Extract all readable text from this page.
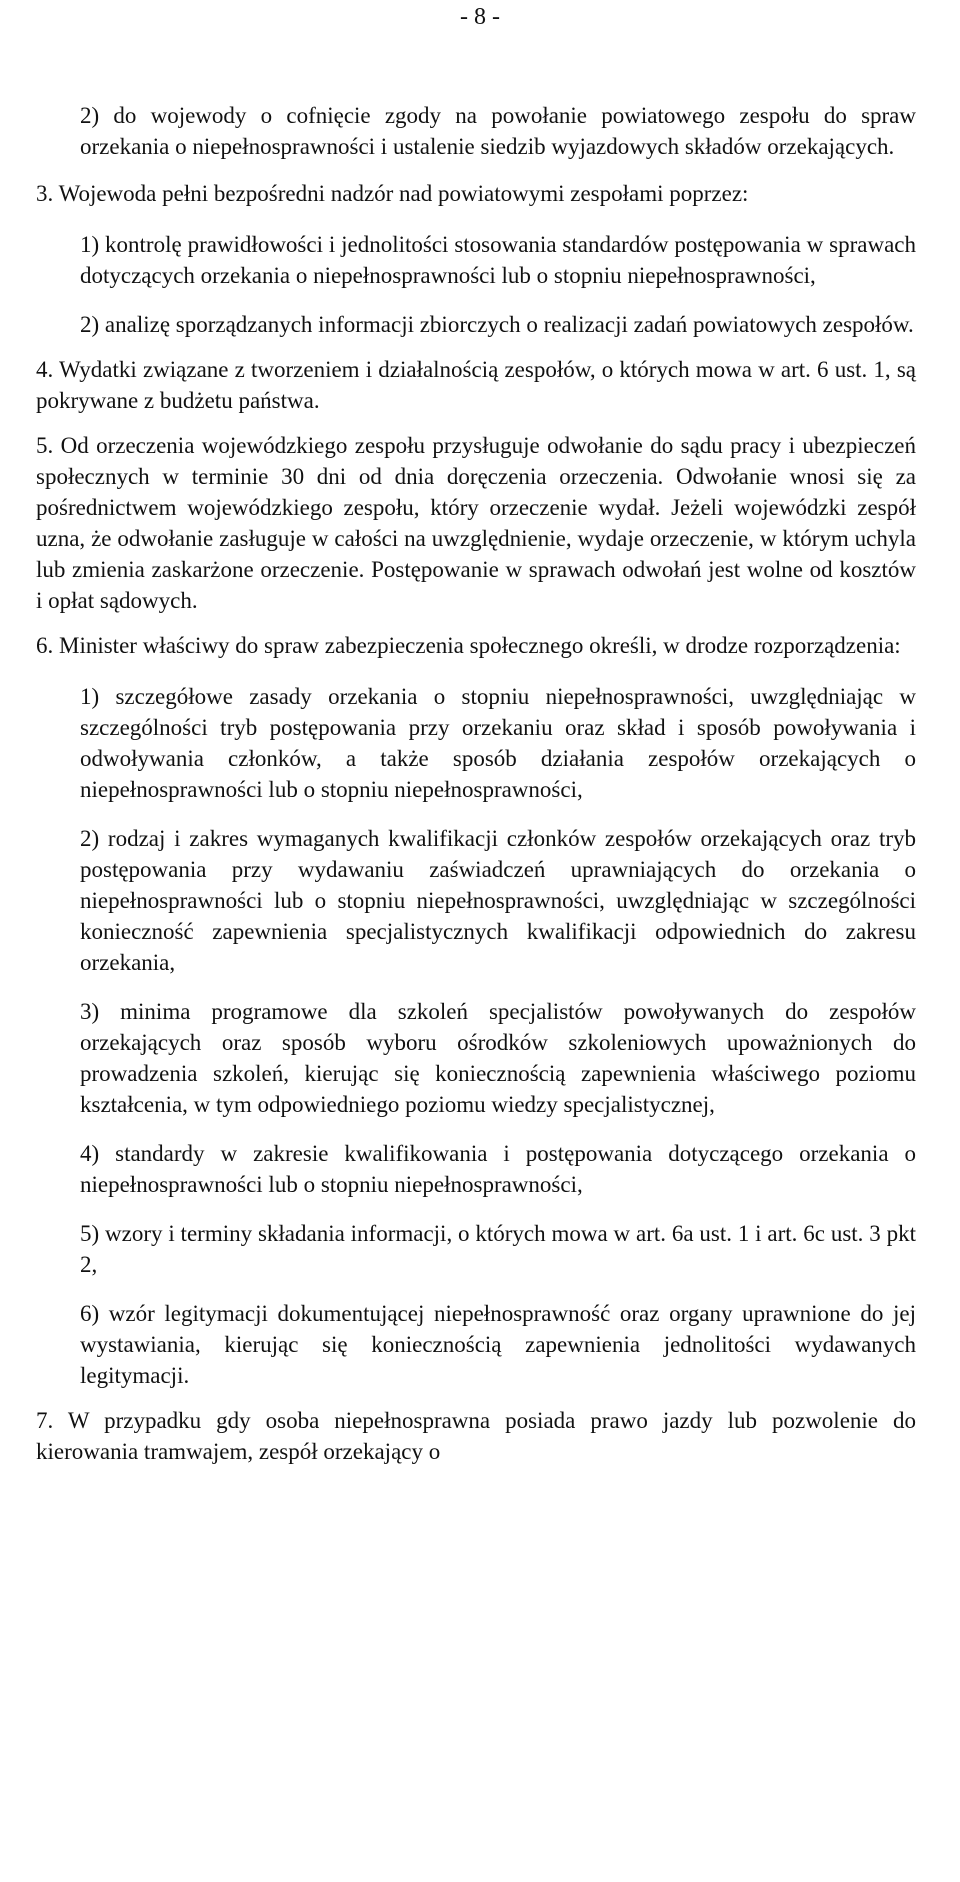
- 8 -

2) do wojewody o cofnięcie zgody na powołanie powiatowego zespołu do spraw orzekania o niepełnosprawności i ustalenie siedzib wyjazdowych składów orzekających.

3. Wojewoda pełni bezpośredni nadzór nad powiatowymi zespołami poprzez:

1) kontrolę prawidłowości i jednolitości stosowania standardów postępowania w sprawach dotyczących orzekania o niepełnosprawności lub o stopniu niepełnosprawności,

2) analizę sporządzanych informacji zbiorczych o realizacji zadań powiatowych zespołów.

4. Wydatki związane z tworzeniem i działalnością zespołów, o których mowa w art. 6 ust. 1, są pokrywane z budżetu państwa.

5. Od orzeczenia wojewódzkiego zespołu przysługuje odwołanie do sądu pracy i ubezpieczeń społecznych w terminie 30 dni od dnia doręczenia orzeczenia. Odwołanie wnosi się za pośrednictwem wojewódzkiego zespołu, który orzeczenie wydał. Jeżeli wojewódzki zespół uzna, że odwołanie zasługuje w całości na uwzględnienie, wydaje orzeczenie, w którym uchyla lub zmienia zaskarżone orzeczenie. Postępowanie w sprawach odwołań jest wolne od kosztów i opłat sądowych.

6. Minister właściwy do spraw zabezpieczenia społecznego określi, w drodze rozporządzenia:

1) szczegółowe zasady orzekania o stopniu niepełnosprawności, uwzględniając w szczególności tryb postępowania przy orzekaniu oraz skład i sposób powoływania i odwoływania członków, a także sposób działania zespołów orzekających o niepełnosprawności lub o stopniu niepełnosprawności,

2) rodzaj i zakres wymaganych kwalifikacji członków zespołów orzekających oraz tryb postępowania przy wydawaniu zaświadczeń uprawniających do orzekania o niepełnosprawności lub o stopniu niepełnosprawności, uwzględniając w szczególności konieczność zapewnienia specjalistycznych kwalifikacji odpowiednich do zakresu orzekania,

3) minima programowe dla szkoleń specjalistów powoływanych do zespołów orzekających oraz sposób wyboru ośrodków szkoleniowych upoważnionych do prowadzenia szkoleń, kierując się koniecznością zapewnienia właściwego poziomu kształcenia, w tym odpowiedniego poziomu wiedzy specjalistycznej,

4) standardy w zakresie kwalifikowania i postępowania dotyczącego orzekania o niepełnosprawności lub o stopniu niepełnosprawności,

5) wzory i terminy składania informacji, o których mowa w art. 6a ust. 1 i art. 6c ust. 3 pkt 2,

6) wzór legitymacji dokumentującej niepełnosprawność oraz organy uprawnione do jej wystawiania, kierując się koniecznością zapewnienia jednolitości wydawanych legitymacji.

7. W przypadku gdy osoba niepełnosprawna posiada prawo jazdy lub pozwolenie do kierowania tramwajem, zespół orzekający o
